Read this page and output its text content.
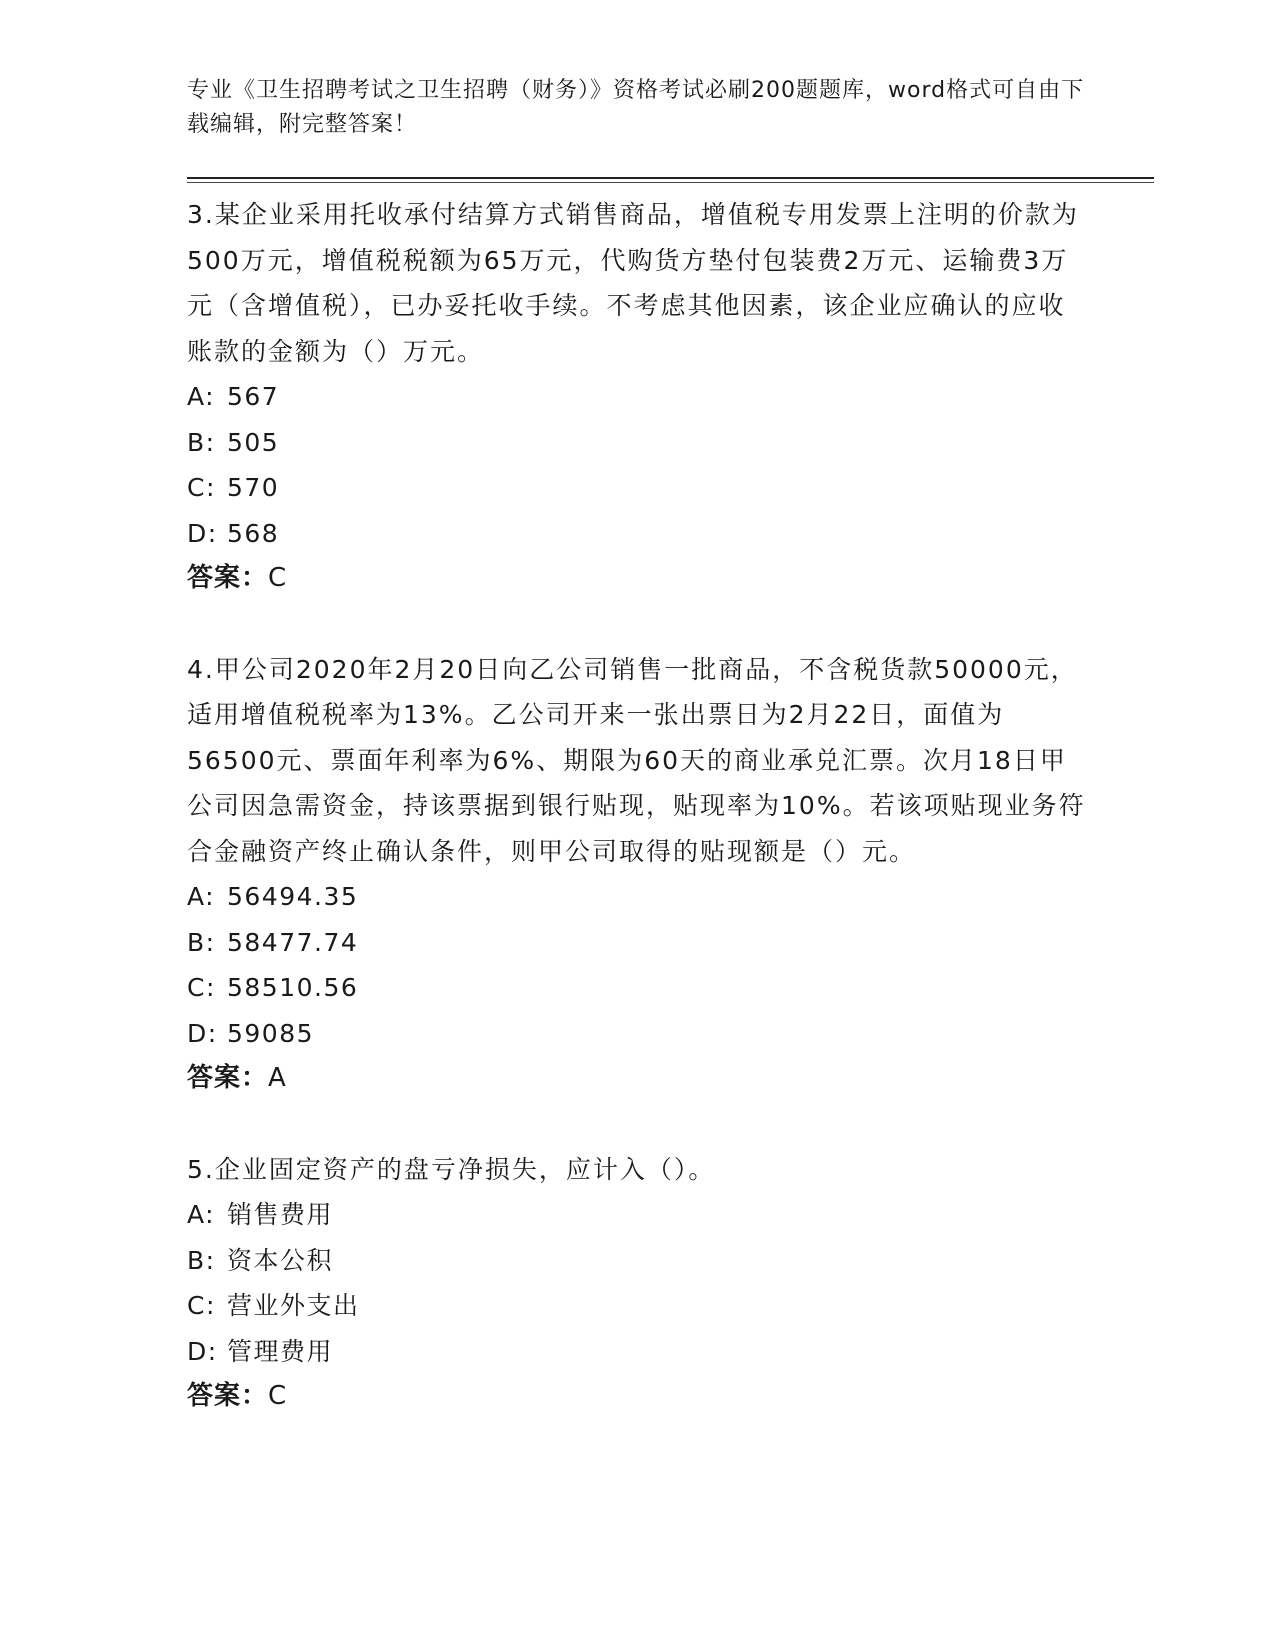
专业《卫生招聘考试之卫生招聘（财务）》资格考试必刷200题题库，word格式可自由下载编辑，附完整答案！
3.某企业采用托收承付结算方式销售商品，增值税专用发票上注明的价款为500万元，增值税税额为65万元，代购货方垫付包装费2万元、运输费3万元（含增值税），已办妥托收手续。不考虑其他因素，该企业应确认的应收账款的金额为（）万元。
A: 567
B: 505
C: 570
D: 568
答案：C
4.甲公司2020年2月20日向乙公司销售一批商品，不含税货款50000元，适用增值税税率为13%。乙公司开来一张出票日为2月22日，面值为56500元、票面年利率为6%、期限为60天的商业承兑汇票。次月18日甲公司因急需资金，持该票据到银行贴现，贴现率为10%。若该项贴现业务符合金融资产终止确认条件，则甲公司取得的贴现额是（）元。
A: 56494.35
B: 58477.74
C: 58510.56
D: 59085
答案：A
5.企业固定资产的盘亏净损失，应计入（）。
A: 销售费用
B: 资本公积
C: 营业外支出
D: 管理费用
答案：C
